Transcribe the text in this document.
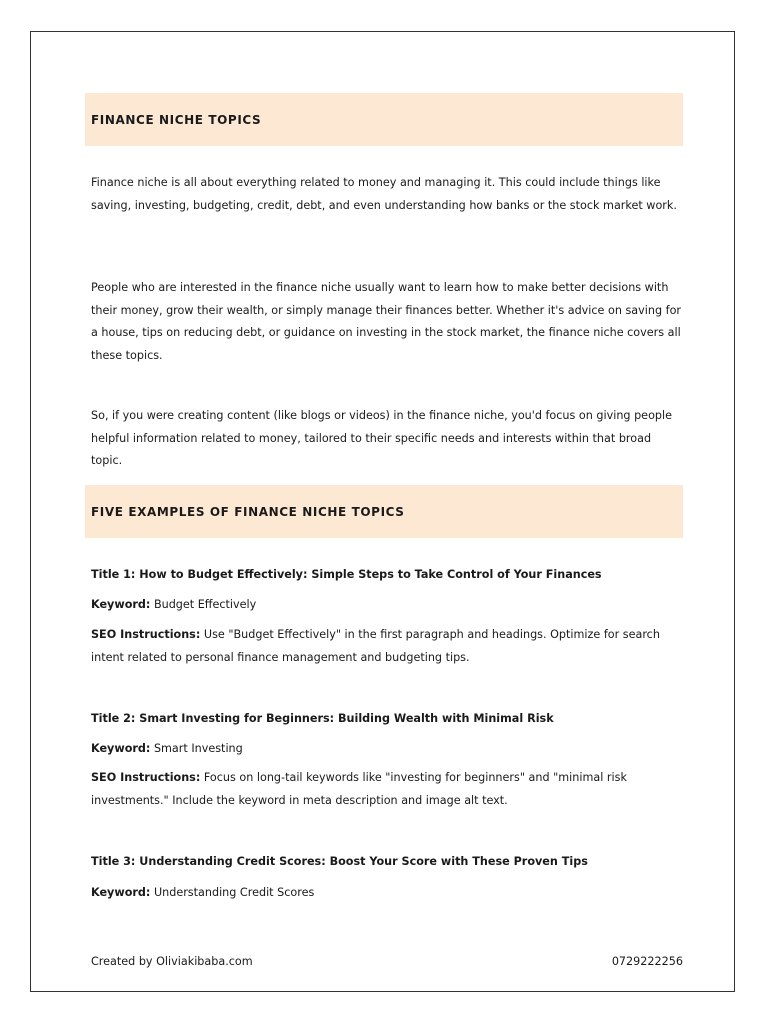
FINANCE NICHE TOPICS

Finance niche is all about everything related to money and managing it. This could include things like saving, investing, budgeting, credit, debt, and even understanding how banks or the stock market work.

People who are interested in the finance niche usually want to learn how to make better decisions with their money, grow their wealth, or simply manage their finances better. Whether it's advice on saving for a house, tips on reducing debt, or guidance on investing in the stock market, the finance niche covers all these topics.

So, if you were creating content (like blogs or videos) in the finance niche, you'd focus on giving people helpful information related to money, tailored to their specific needs and interests within that broad topic.

FIVE EXAMPLES OF FINANCE NICHE TOPICS

Title 1: How to Budget Effectively: Simple Steps to Take Control of Your Finances

Keyword: Budget Effectively

SEO Instructions: Use "Budget Effectively" in the first paragraph and headings. Optimize for search intent related to personal finance management and budgeting tips.

Title 2: Smart Investing for Beginners: Building Wealth with Minimal Risk

Keyword: Smart Investing

SEO Instructions: Focus on long-tail keywords like "investing for beginners" and "minimal risk investments." Include the keyword in meta description and image alt text.

Title 3: Understanding Credit Scores: Boost Your Score with These Proven Tips

Keyword: Understanding Credit Scores

Created by Oliviakibaba.com	0729222256
